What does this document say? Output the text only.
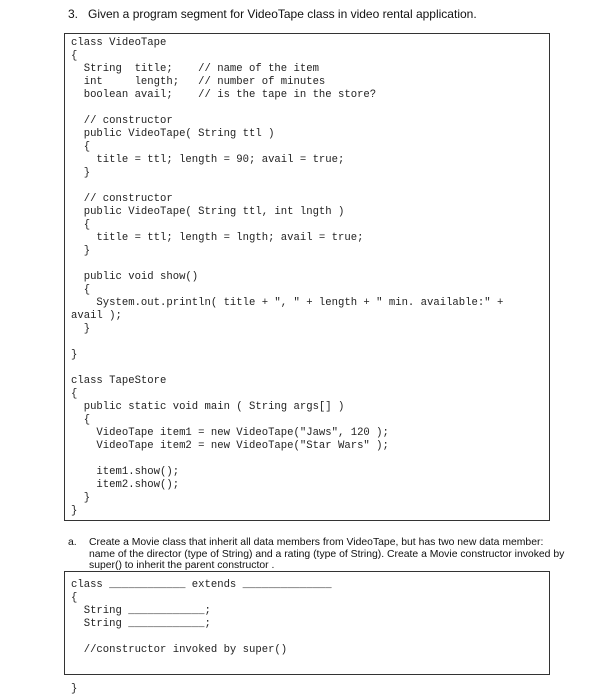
3. Given a program segment for VideoTape class in video rental application.
class VideoTape
{
String  title;    // name of the item
int     length;   // number of minutes
boolean avail;    // is the tape in the store?

// constructor
public VideoTape( String ttl )
{
title = ttl; length = 90; avail = true;
}

// constructor
public VideoTape( String ttl, int lngth )
{
title = ttl; length = lngth; avail = true;
}

public void show()
{
System.out.println( title + ", " + length + " min. available:" +
avail );
}

}

class TapeStore
{
public static void main ( String args[] )
{
VideoTape item1 = new VideoTape("Jaws", 120 );
VideoTape item2 = new VideoTape("Star Wars" );

item1.show();
item2.show();
}
}
a. Create a Movie class that inherit all data members from VideoTape, but has two new data member: name of the director (type of String) and a rating (type of String). Create a Movie constructor invoked by super() to inherit the parent constructor .
class ____________ extends ______________
{
String ____________;
String ____________;

//constructor invoked by super()

}
